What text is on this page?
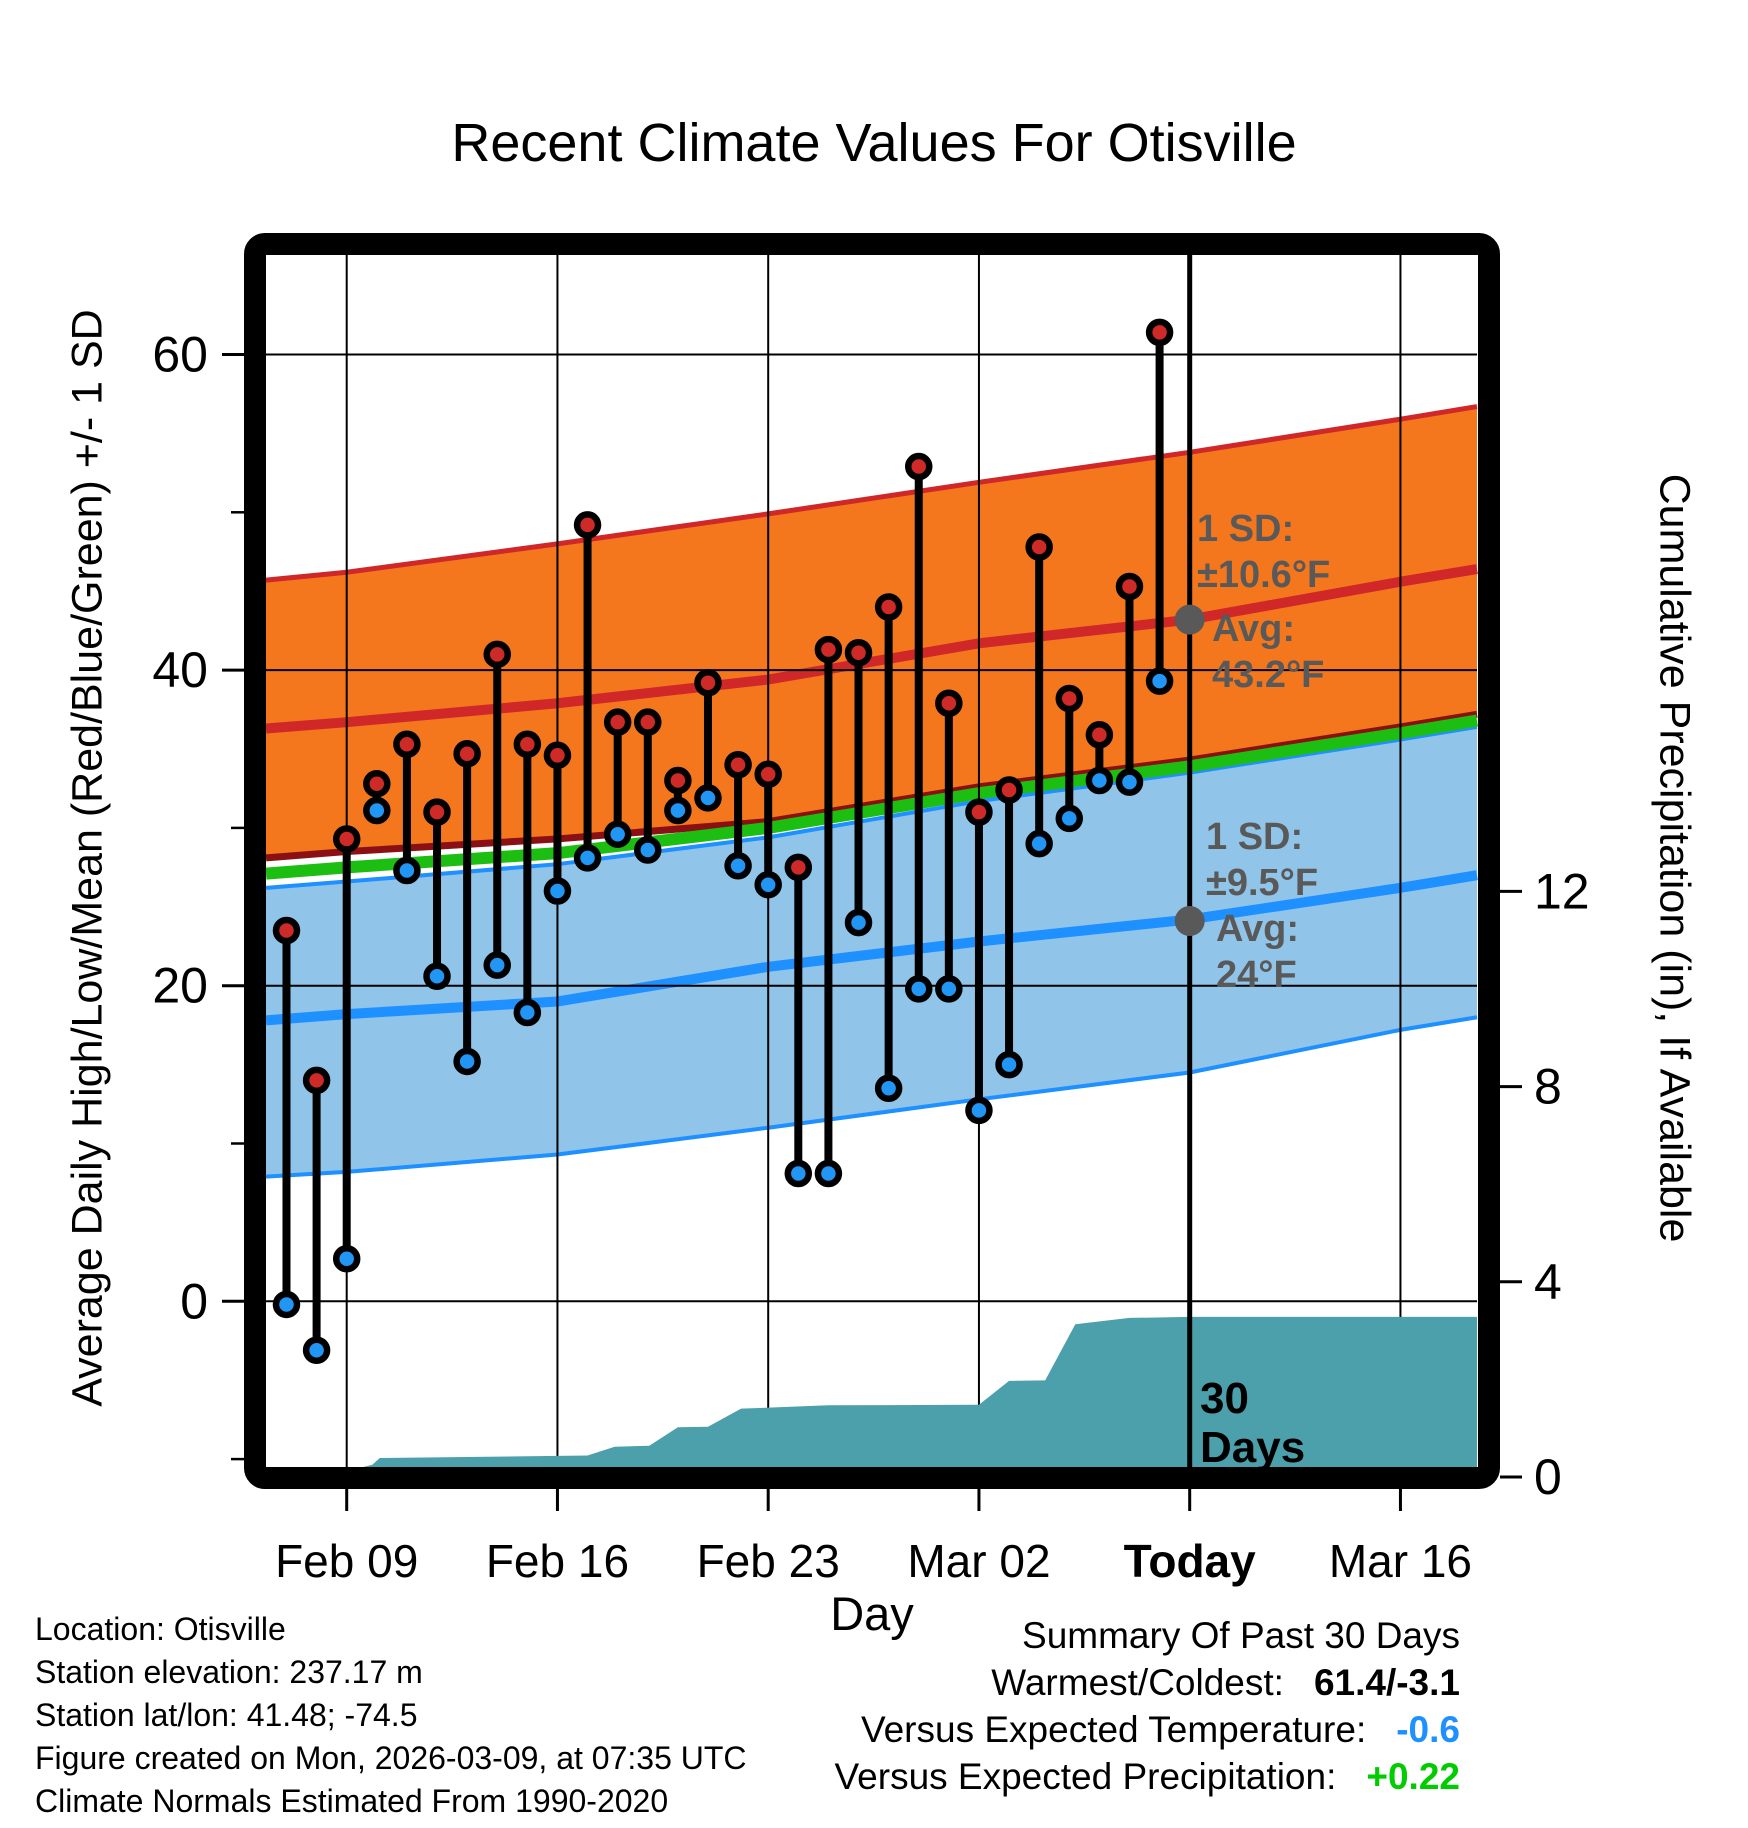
60
40
20
0
12
8
4
0
Feb 09 Feb 16 Feb 23 Mar 02 Today Mar 16
Recent Climate Values For Otisville
Average Daily High/Low/Mean (Red/Blue/Green) +/- 1 SD	Cumulative Precipitation (in), If Available
Day
1 SD:
±10.6°F
Avg:
43.2°F
1 SD:
±9.5°F
Avg:
24°F
30
Days
Location: Otisville
Station elevation: 237.17 m
Station lat/lon: 41.48; -74.5
Figure created on Mon, 2026-03-09, at 07:35 UTC
Climate Normals Estimated From 1990-2020
Summary Of Past 30 Days
Warmest/Coldest: 61.4/-3.1
Versus Expected Temperature: -0.6
Versus Expected Precipitation: +0.22
